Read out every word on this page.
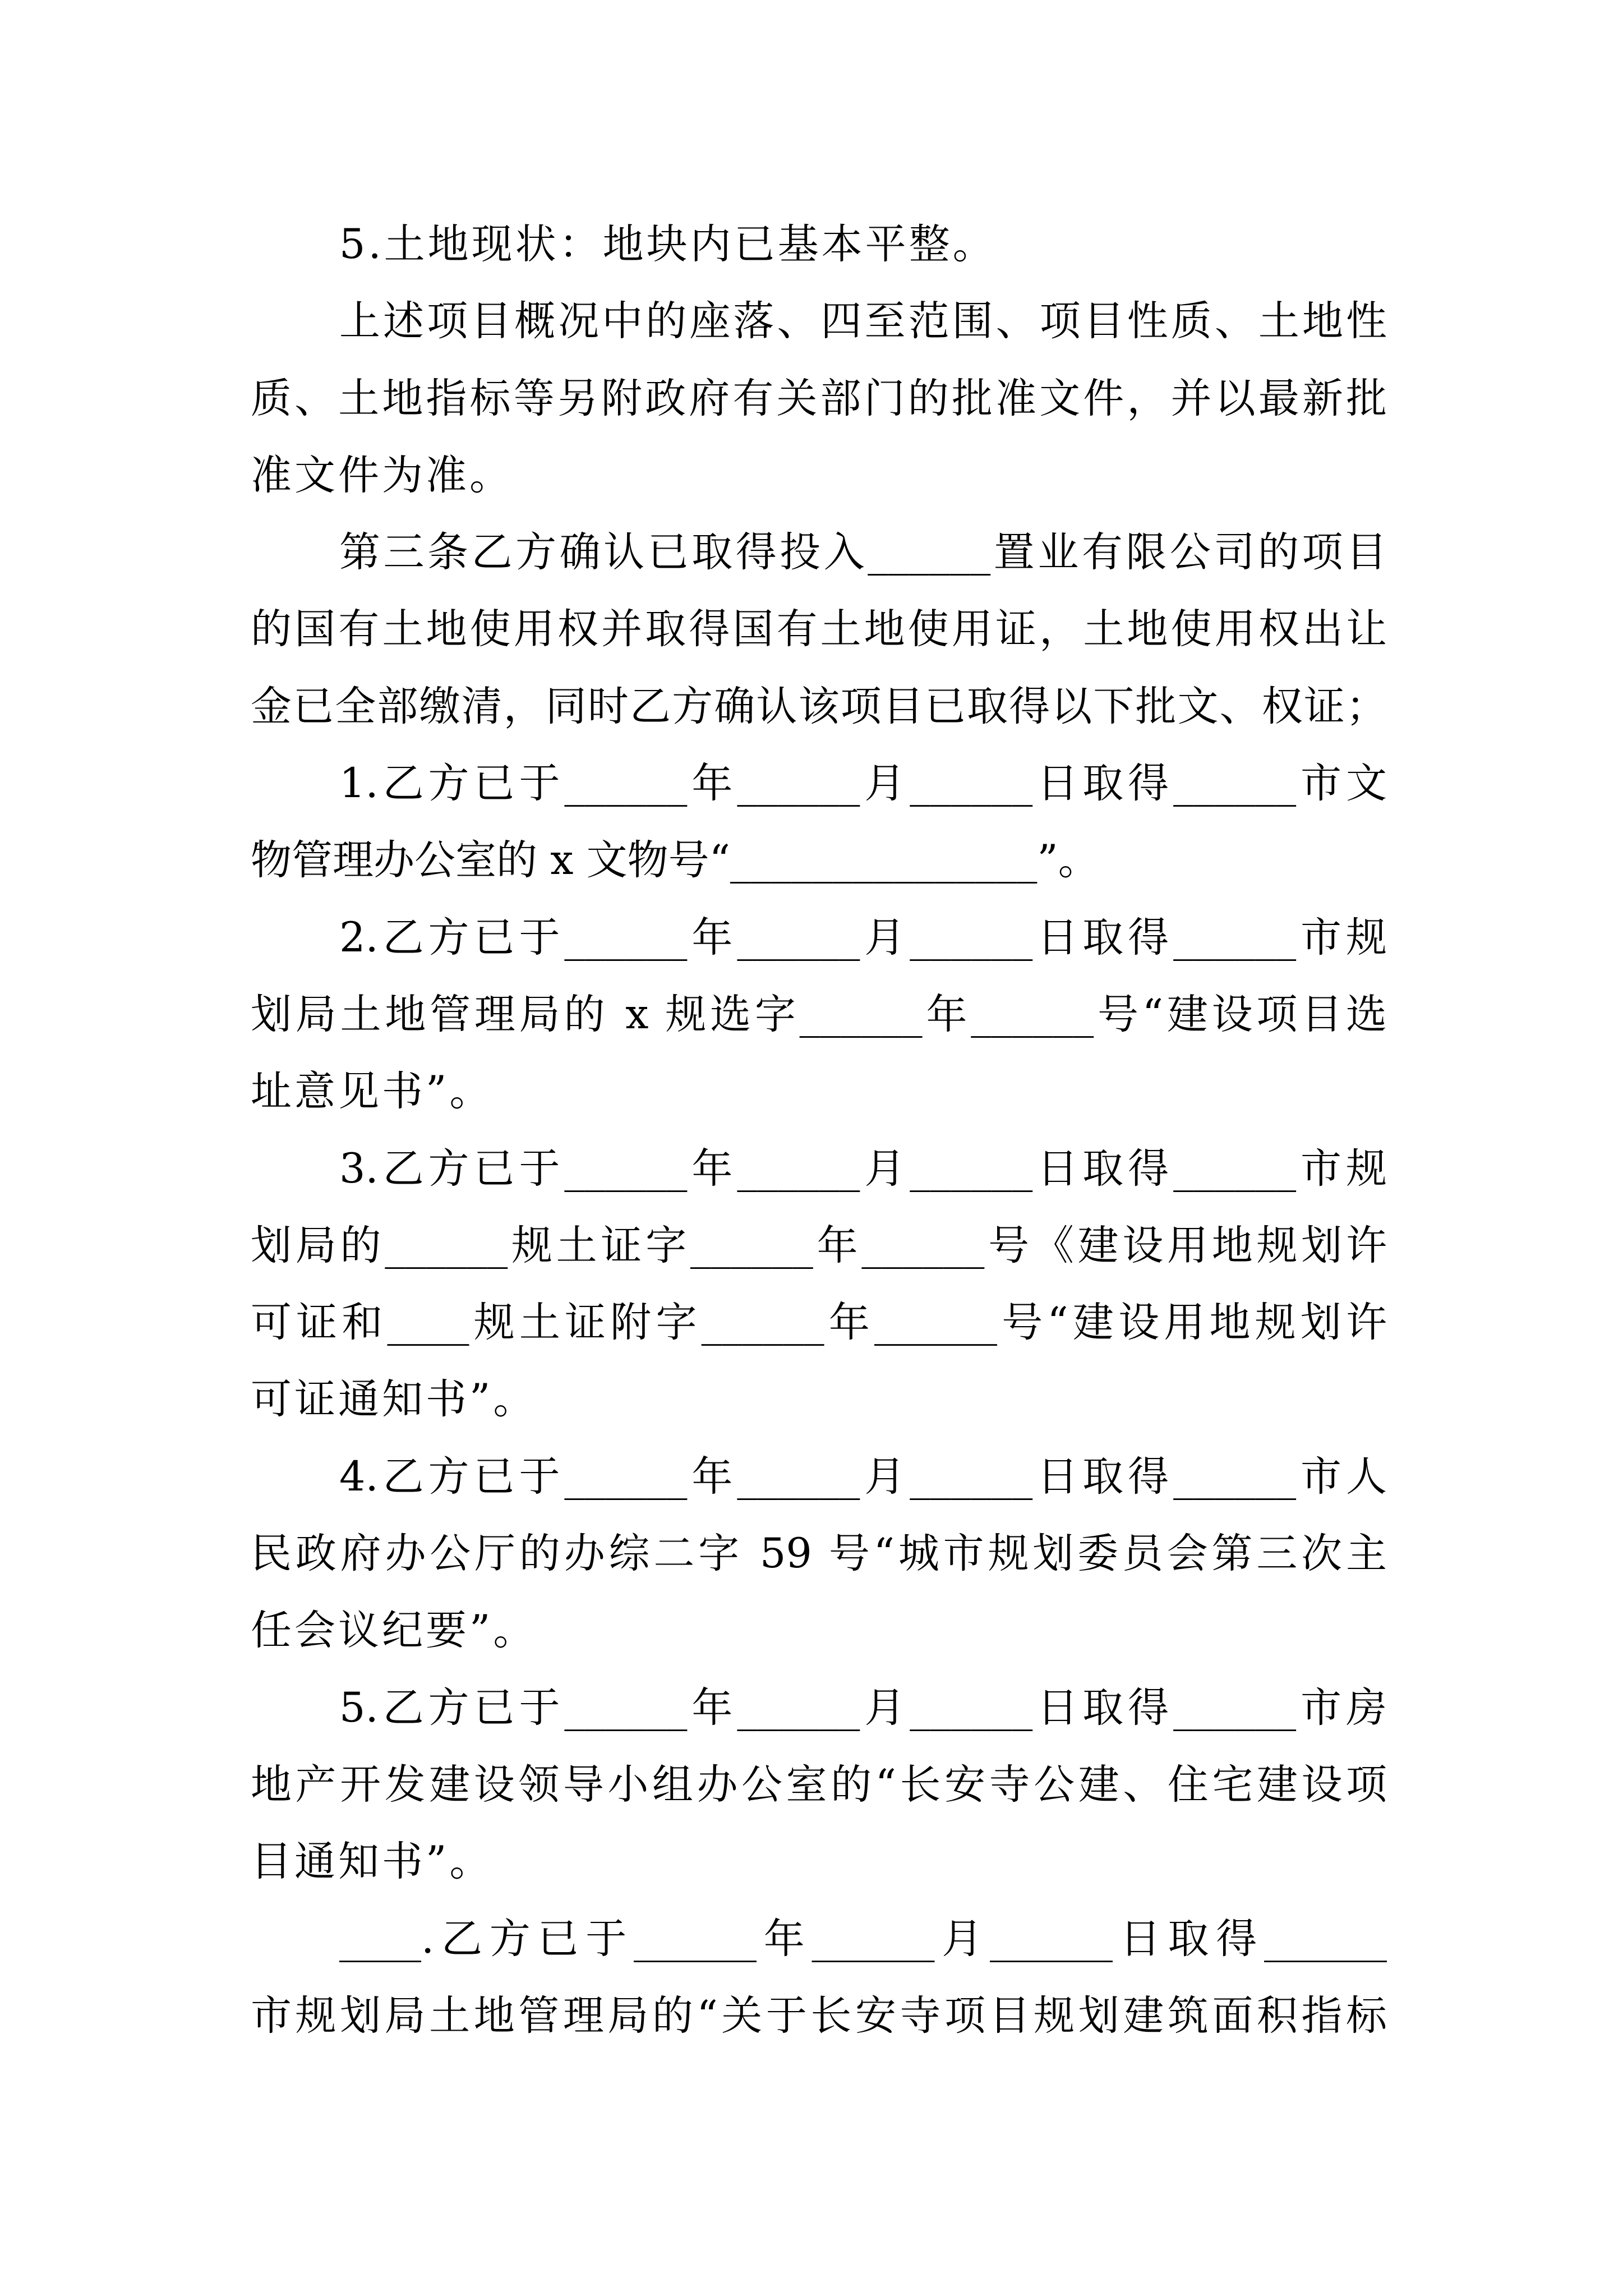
5.土地现状：地块内已基本平整。
上述项目概况中的座落、四至范围、项目性质、土地性
质、土地指标等另附政府有关部门的批准文件，并以最新批
准文件为准。
第三条乙方确认已取得投入______置业有限公司的项目
的国有土地使用权并取得国有土地使用证，土地使用权出让
金已全部缴清，同时乙方确认该项目已取得以下批文、权证；
1.乙方已于______年______月______日取得______市文
物管理办公室的 x 文物号“_______________”。
2.乙方已于______年______月______日取得______市规
划局土地管理局的 x 规选字______年______号“建设项目选
址意见书”。
3.乙方已于______年______月______日取得______市规
划局的______规土证字______年______号《建设用地规划许
可证和____规土证附字______年______号“建设用地规划许
可证通知书”。
4.乙方已于______年______月______日取得______市人
民政府办公厅的办综二字 59 号“城市规划委员会第三次主
任会议纪要”。
5.乙方已于______年______月______日取得______市房
地产开发建设领导小组办公室的“长安寺公建、住宅建设项
目通知书”。
____.乙方已于______年______月______日取得______
市规划局土地管理局的“关于长安寺项目规划建筑面积指标
